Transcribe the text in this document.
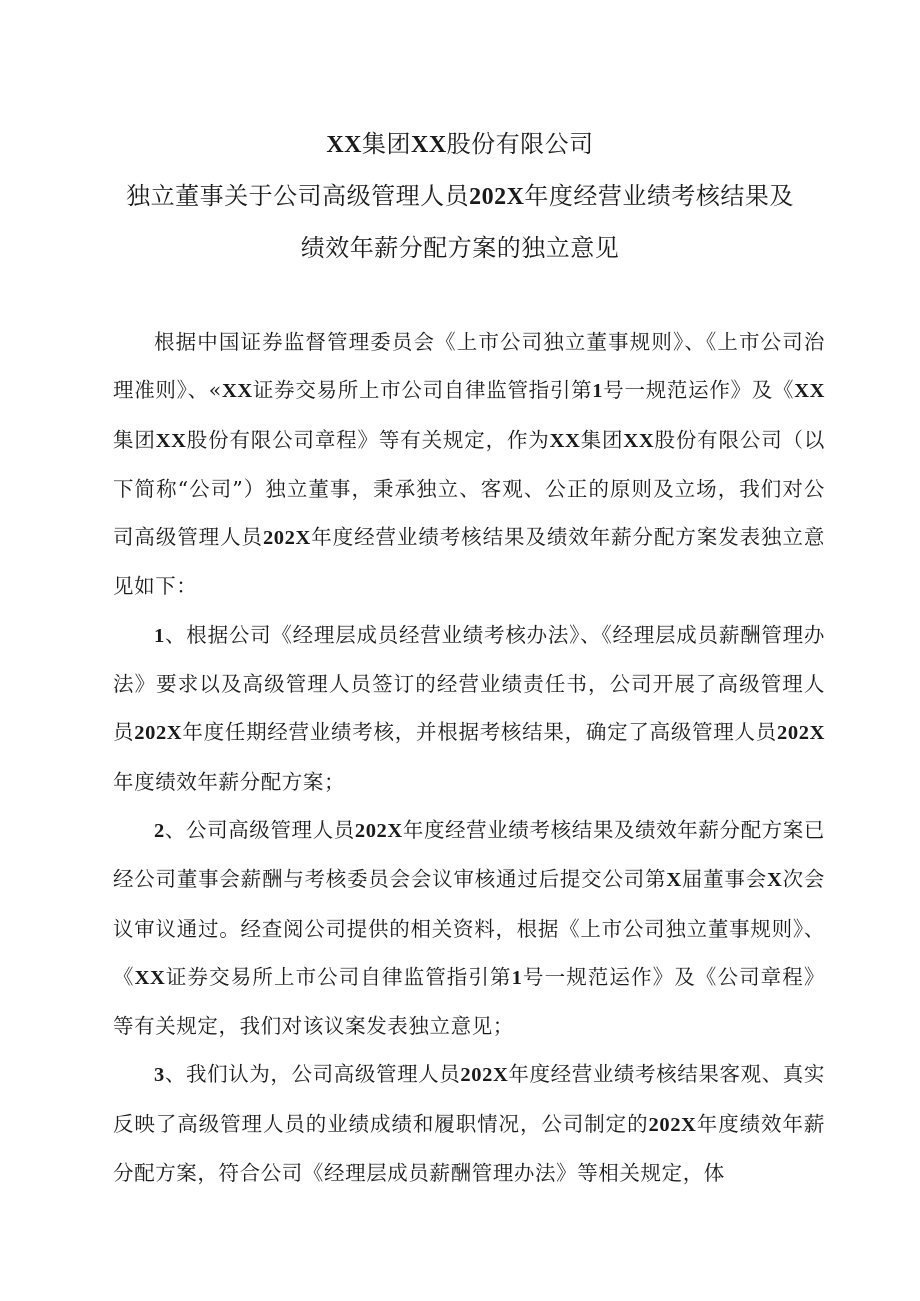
XX集团XX股份有限公司
独立董事关于公司高级管理人员202X年度经营业绩考核结果及
绩效年薪分配方案的独立意见

根据中国证券监督管理委员会《上市公司独立董事规则》、《上市公司治理准则》、«XX证券交易所上市公司自律监管指引第1号一规范运作》及《XX集团XX股份有限公司章程》等有关规定，作为XX集团XX股份有限公司（以下简称“公司”）独立董事，秉承独立、客观、公正的原则及立场，我们对公司高级管理人员202X年度经营业绩考核结果及绩效年薪分配方案发表独立意见如下：

1、根据公司《经理层成员经营业绩考核办法》、《经理层成员薪酬管理办法》要求以及高级管理人员签订的经营业绩责任书，公司开展了高级管理人员202X年度任期经营业绩考核，并根据考核结果，确定了高级管理人员202X年度绩效年薪分配方案；

2、公司高级管理人员202X年度经营业绩考核结果及绩效年薪分配方案已经公司董事会薪酬与考核委员会会议审核通过后提交公司第X届董事会X次会议审议通过。经查阅公司提供的相关资料，根据《上市公司独立董事规则》、《XX证券交易所上市公司自律监管指引第1号一规范运作》及《公司章程》等有关规定，我们对该议案发表独立意见；

3、我们认为，公司高级管理人员202X年度经营业绩考核结果客观、真实反映了高级管理人员的业绩成绩和履职情况，公司制定的202X年度绩效年薪分配方案，符合公司《经理层成员薪酬管理办法》等相关规定，体
